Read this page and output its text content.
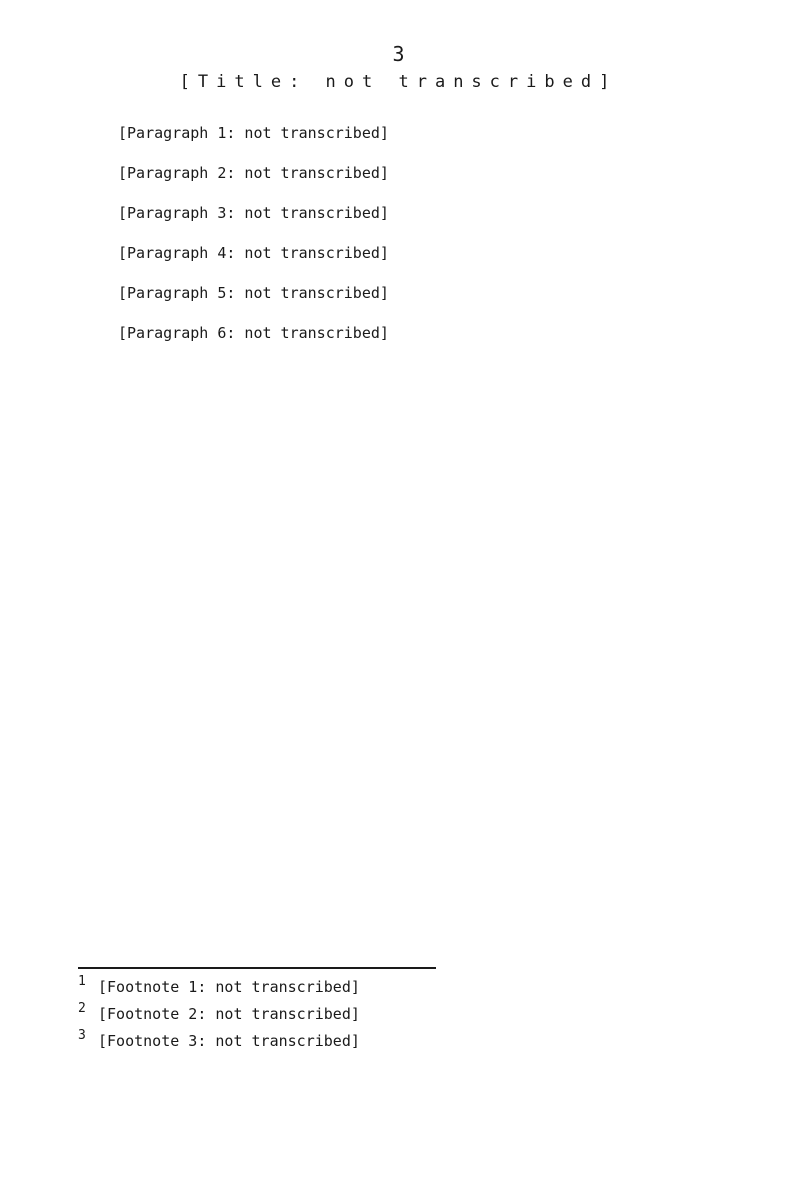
3
[Title: not transcribed]

[Paragraph 1: not transcribed]

[Paragraph 2: not transcribed]

[Paragraph 3: not transcribed]

[Paragraph 4: not transcribed]

[Paragraph 5: not transcribed]

[Paragraph 6: not transcribed]

1 [Footnote 1: not transcribed]

2 [Footnote 2: not transcribed]

3 [Footnote 3: not transcribed]
